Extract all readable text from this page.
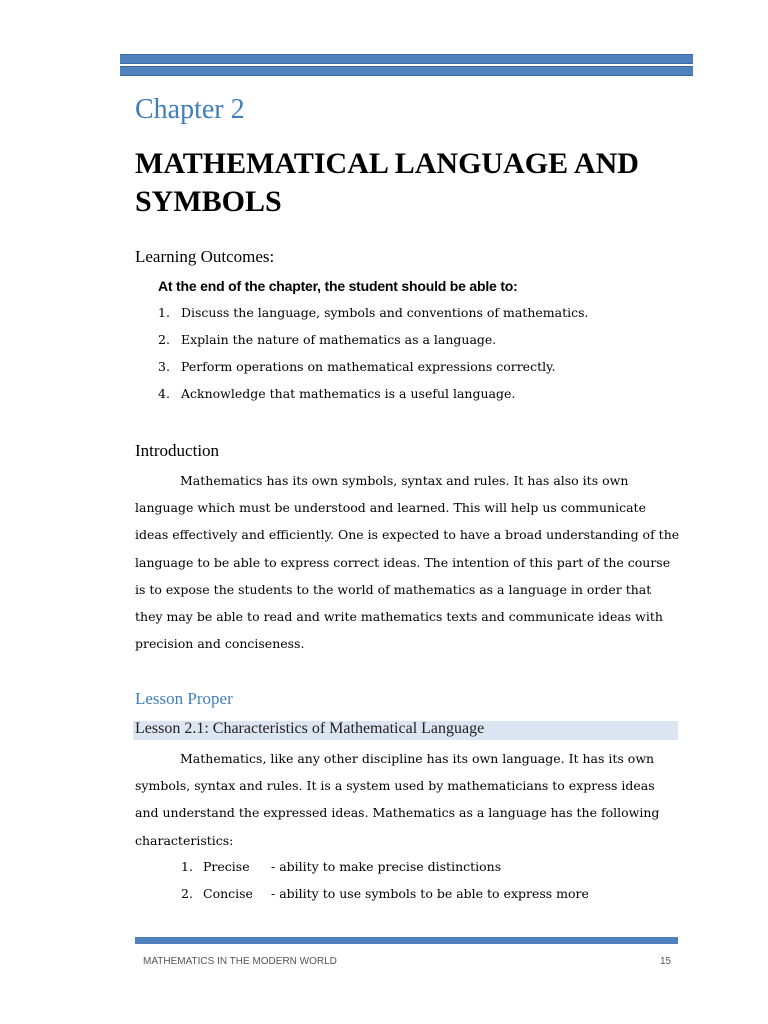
Chapter 2
MATHEMATICAL LANGUAGE AND SYMBOLS
Learning Outcomes:
At the end of the chapter, the student should be able to:
1. Discuss the language, symbols and conventions of mathematics.
2. Explain the nature of mathematics as a language.
3. Perform operations on mathematical expressions correctly.
4. Acknowledge that mathematics is a useful language.
Introduction

Mathematics has its own symbols, syntax and rules. It has also its own language which must be understood and learned. This will help us communicate ideas effectively and efficiently. One is expected to have a broad understanding of the language to be able to express correct ideas. The intention of this part of the course is to expose the students to the world of mathematics as a language in order that they may be able to read and write mathematics texts and communicate ideas with precision and conciseness.

Lesson Proper
Lesson 2.1: Characteristics of Mathematical Language

Mathematics, like any other discipline has its own language. It has its own symbols, syntax and rules. It is a system used by mathematicians to express ideas and understand the expressed ideas. Mathematics as a language has the following characteristics:

1. Precise - ability to make precise distinctions
2. Concise - ability to use symbols to be able to express more
MATHEMATICS IN THE MODERN WORLD	15
